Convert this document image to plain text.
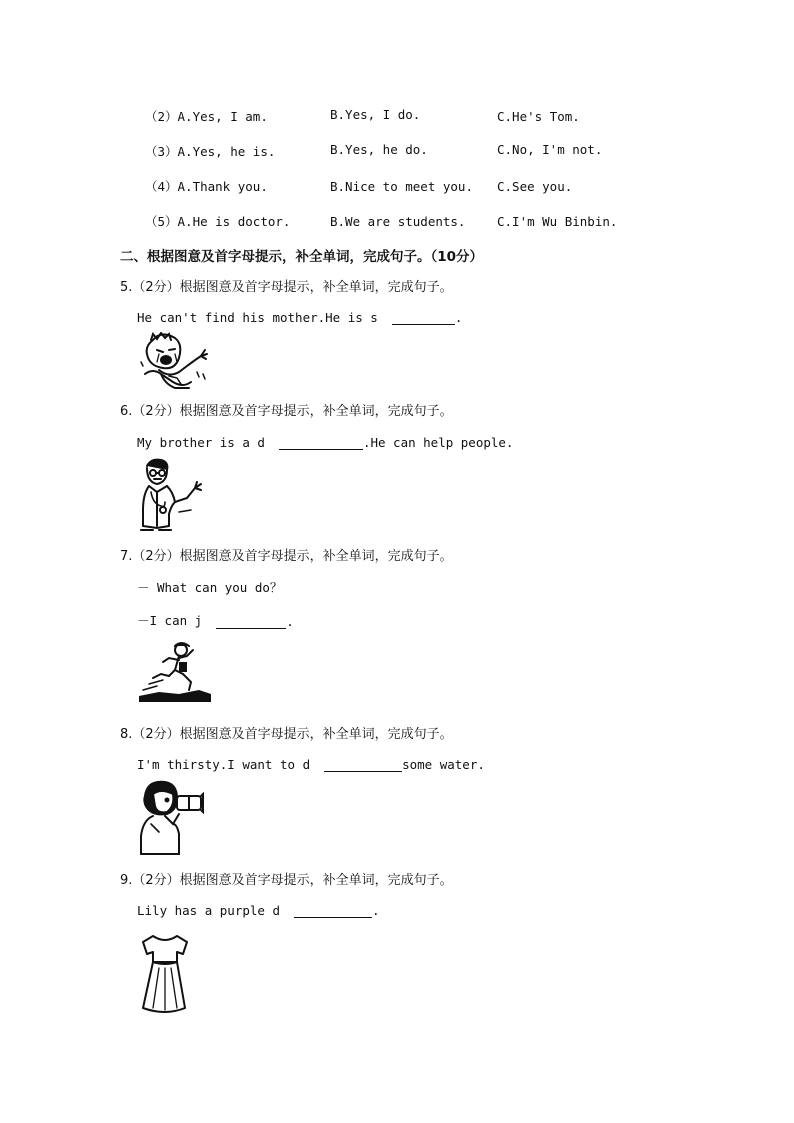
（2）A.Yes, I am.	B.Yes, I do.	C.He's Tom.
（3）A.Yes, he is.	B.Yes, he do.	C.No, I'm not.
（4）A.Thank you.	B.Nice to meet you. C.See you.
（5）A.He is doctor.	B.We are students.	C.I'm Wu Binbin.
二、根据图意及首字母提示，补全单词，完成句子。（10分）
5.（2分）根据图意及首字母提示，补全单词，完成句子。
He can't find his mother.He is s	.
6.（2分）根据图意及首字母提示，补全单词，完成句子。
My brother is a d	.He can help people.
7.（2分）根据图意及首字母提示，补全单词，完成句子。
－ What can you do？
－I can j	.
8.（2分）根据图意及首字母提示，补全单词，完成句子。
I'm thirsty.I want to d	some water.
9.（2分）根据图意及首字母提示，补全单词，完成句子。
Lily has a purple d	.
